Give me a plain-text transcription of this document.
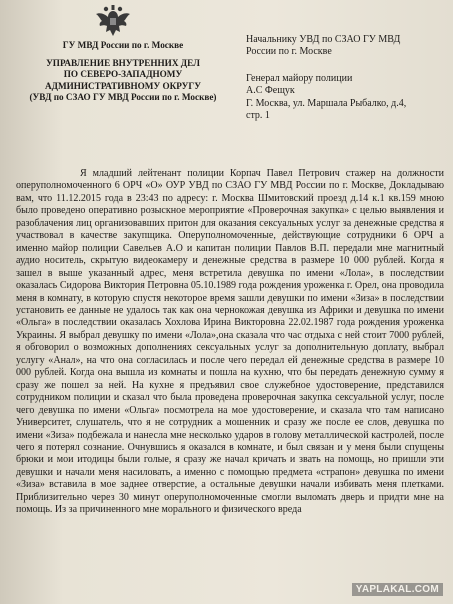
ГУ МВД России по г. Москве
УПРАВЛЕНИЕ ВНУТРЕННИХ ДЕЛ
ПО СЕВЕРО-ЗАПАДНОМУ
АДМИНИСТРАТИВНОМУ ОКРУГУ
(УВД по СЗАО ГУ МВД России по г. Москве)
Начальнику УВД по СЗАО ГУ МВД
России по г. Москве
Генерал майору полиции
А.С Фещук
Г. Москва, ул. Маршала Рыбалко, д.4,
стр. 1

Я младший лейтенант полиции Корпач Павел Петрович стажер на должности оперуполномоченного 6 ОРЧ «О» ОУР УВД по СЗАО ГУ МВД России по г. Москве, Докладываю вам, что 11.12.2015 года в 23:43 по адресу: г. Москва Шмитовский проезд д.14 к.1 кв.159 мною было проведено оперативно розыскное мероприятие «Проверочная закупка» с целью выявления и разоблачения лиц организовавших притон для оказания сексуальных услуг за денежные средства я участвовал в качестве закупщика. Оперуполномоченные, действующие сотрудники 6 ОРЧ а именно майор полиции Савельев А.О и капитан полиции Павлов В.П. передали мне магнитный аудио носитель, скрытую видеокамеру и денежные средства в размере 10 000 рублей. Когда я зашел в выше указанный адрес, меня встретила девушка по имени «Лола», в последствии оказалась Сидорова Виктория Петровна 05.10.1989 года рождения уроженка г. Орел, она проводила меня в комнату, в которую спустя некоторое время зашли девушки по имени «Зиза» в последствии установить ее данные не удалось так как она чернокожая девушка из Африки и девушка по имени «Ольга» в последствии оказалась Хохлова Ирина Викторовна 22.02.1987 года рождения уроженка Украины. Я выбрал девушку по имени «Лола»,она сказала что час отдыха с ней стоит 7000 рублей, я обговорил о возможных дополнениях сексуальных услуг за дополнительную доплату, выбрал услугу «Анал», на что она согласилась и после чего передал ей денежные средства в размере 10 000 рублей. Когда она вышла из комнаты и пошла на кухню, что бы передать денежную сумму я сразу же пошел за ней. На кухне я предъявил свое служебное удостоверение, представился сотрудником полиции и сказал что была проведена проверочная закупка сексуальной услуг, после чего девушка по имени «Ольга» посмотрела на мое удостоверение, и сказала что там написано Университет, слушатель, что я не сотрудник а мошенник и сразу же после ее слов, девушка по имени «Зиза» подбежала и нанесла мне несколько ударов в голову металлической кастролей, после чего я потерял сознание. Очнувшись я оказался в комнате, и был связан и у меня были спущены брюки и мои итодицы были голые, я сразу же начал кричать и звать на помощь, но пришли эти девушки и начали меня насиловать, а именно с помощью предмета «страпон» девушка по имени «Зиза» вставила в мое заднее отверстие, а остальные девушки начали избивать меня плетками. Приблизительно через 30 минут оперуполномоченные смогли выломать дверь и придти мне на помощь. Из за причиненного мне морального и физического вреда

YAPLAKAL.COM
